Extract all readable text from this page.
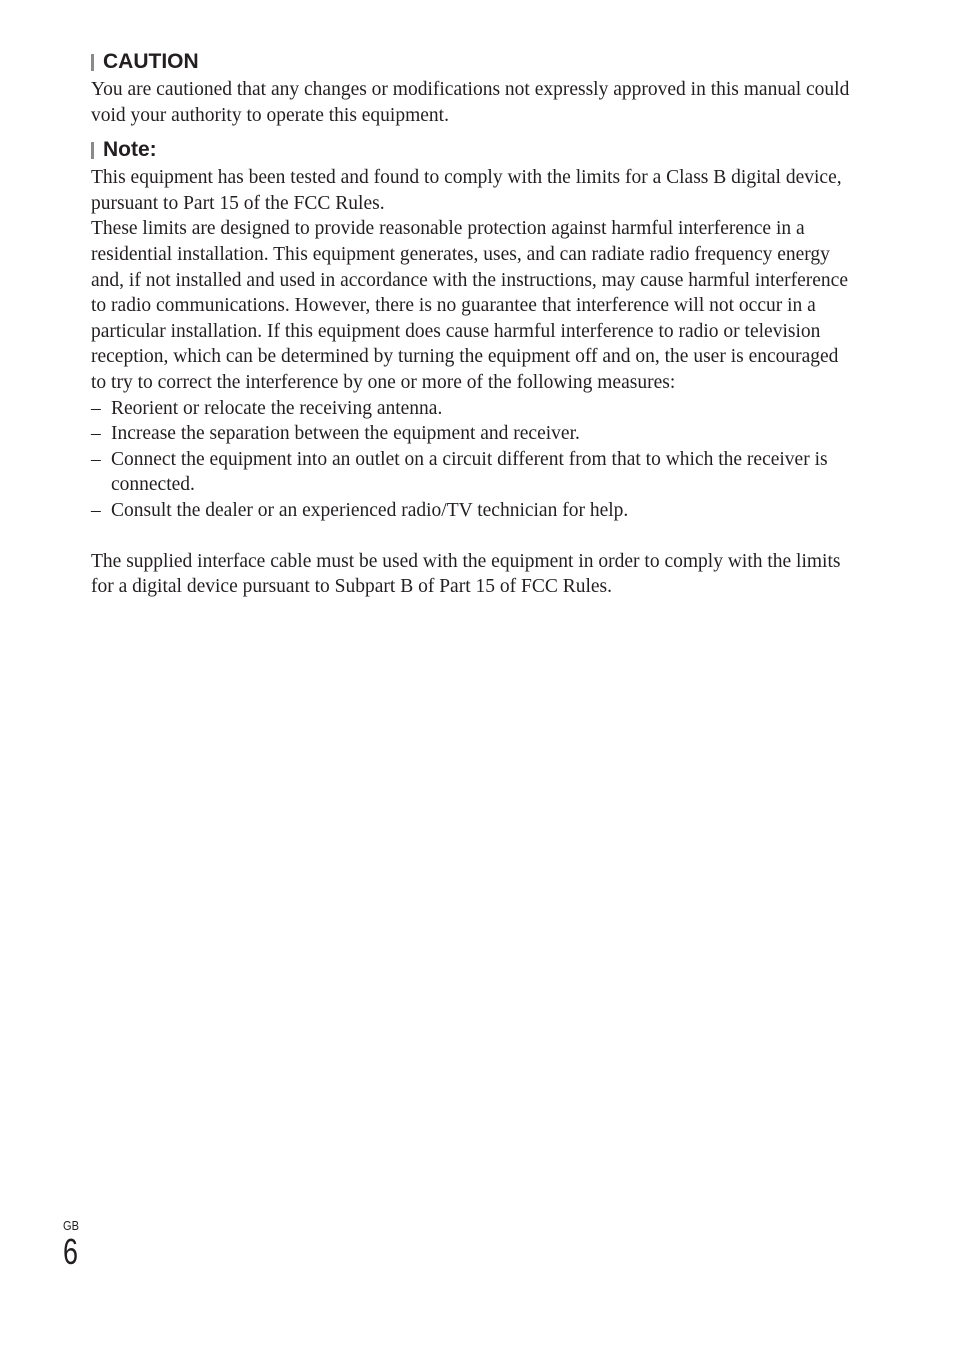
CAUTION

You are cautioned that any changes or modifications not expressly approved in this manual could void your authority to operate this equipment.

Note:

This equipment has been tested and found to comply with the limits for a Class B digital device, pursuant to Part 15 of the FCC Rules.

These limits are designed to provide reasonable protection against harmful interference in a residential installation. This equipment generates, uses, and can radiate radio frequency energy and, if not installed and used in accordance with the instructions, may cause harmful interference to radio communications. However, there is no guarantee that interference will not occur in a particular installation. If this equipment does cause harmful interference to radio or television reception, which can be determined by turning the equipment off and on, the user is encouraged to try to correct the interference by one or more of the following measures:

– Reorient or relocate the receiving antenna.
– Increase the separation between the equipment and receiver.
– Connect the equipment into an outlet on a circuit different from that to which the receiver is connected.
– Consult the dealer or an experienced radio/TV technician for help.

The supplied interface cable must be used with the equipment in order to comply with the limits for a digital device pursuant to Subpart B of Part 15 of FCC Rules.

GB
6
